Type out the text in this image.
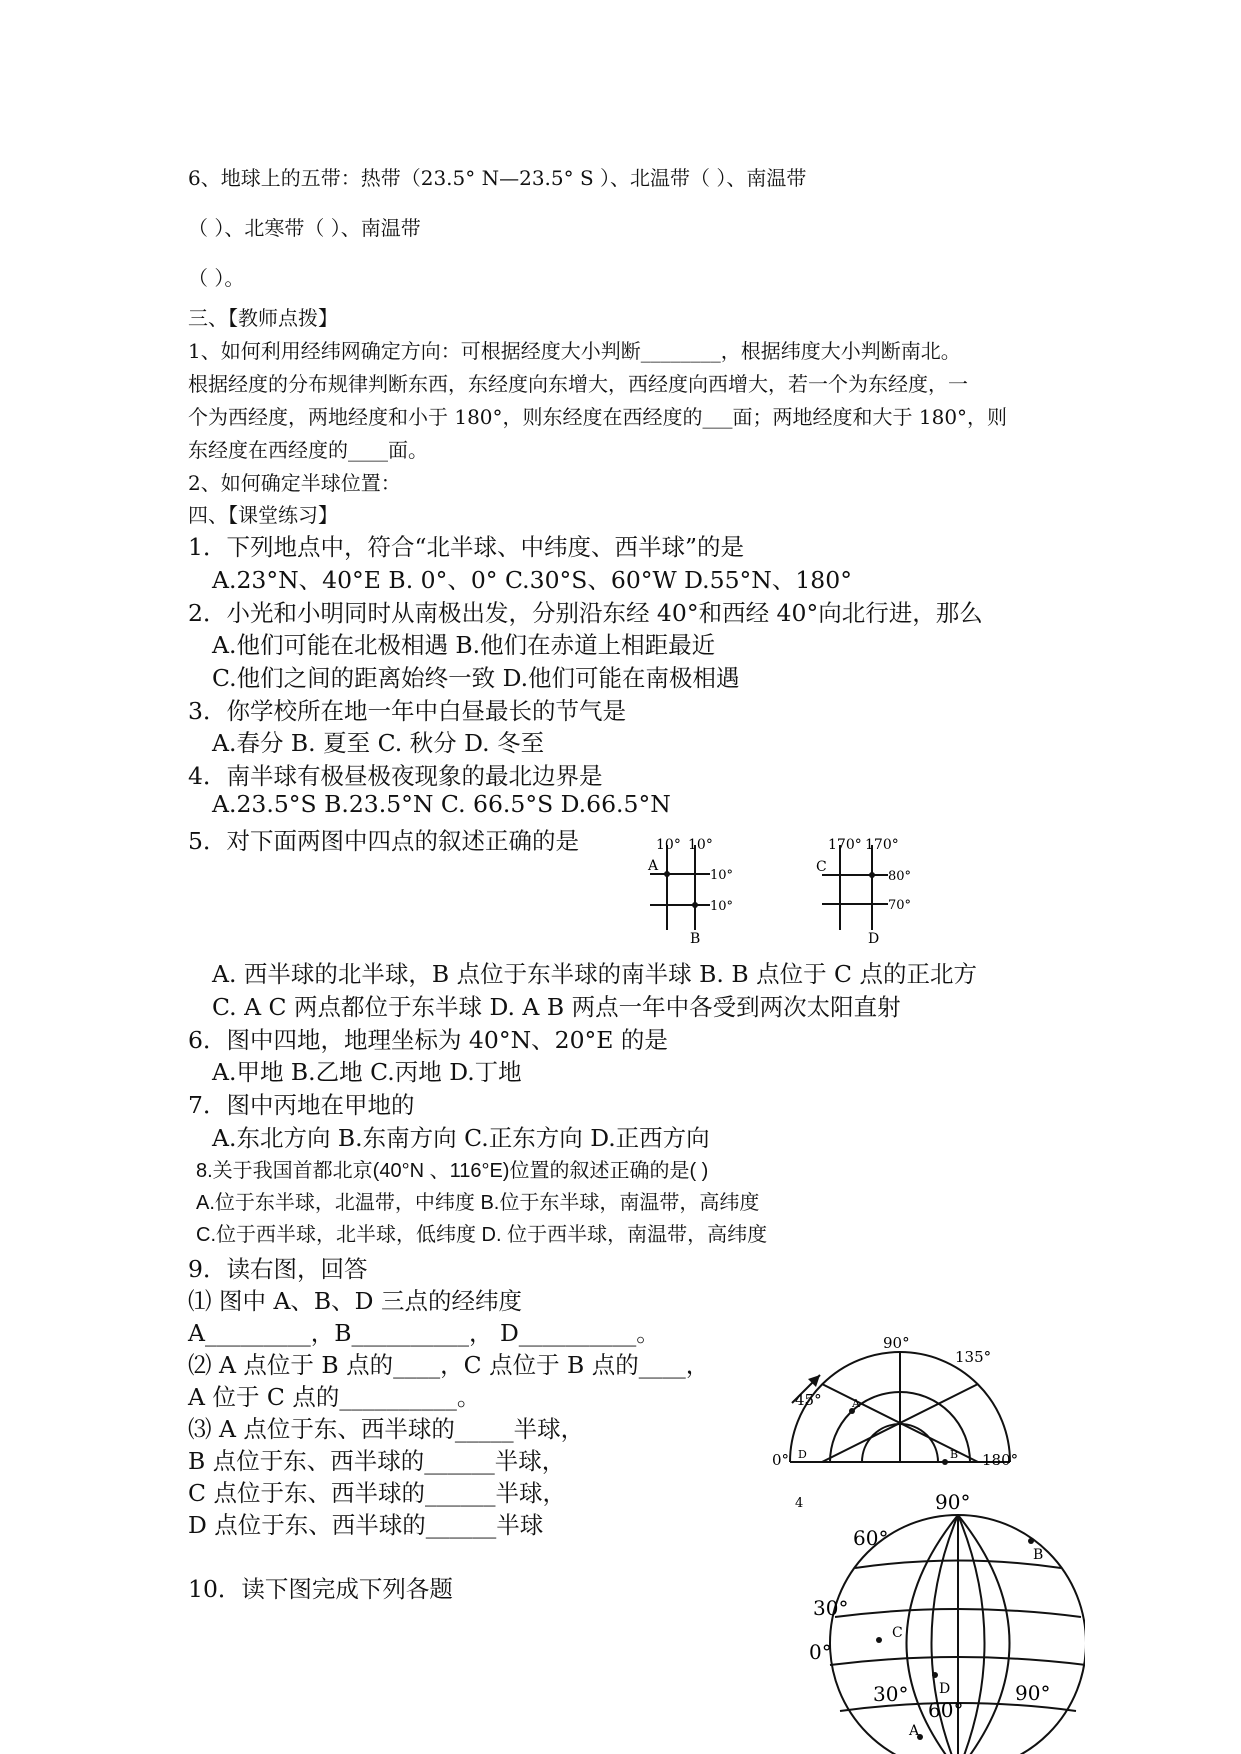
6、地球上的五带：热带（23.5° N—23.5° S ）、北温带（ ）、南温带
（ ）、北寒带（ ）、南温带
（ ）。
三、【教师点拨】
1、如何利用经纬网确定方向：可根据经度大小判断________，根据纬度大小判断南北。
根据经度的分布规律判断东西，东经度向东增大，西经度向西增大，若一个为东经度，一
个为西经度，两地经度和小于 180°，则东经度在西经度的___面；两地经度和大于 180°，则
东经度在西经度的____面。
2、如何确定半球位置：
四、【课堂练习】
1．下列地点中，符合“北半球、中纬度、西半球”的是
A.23°N、40°E B. 0°、0° C.30°S、60°W D.55°N、180°
2．小光和小明同时从南极出发，分别沿东经 40°和西经 40°向北行进，那么
A.他们可能在北极相遇 B.他们在赤道上相距最近
C.他们之间的距离始终一致 D.他们可能在南极相遇
3．你学校所在地一年中白昼最长的节气是
A.春分 B. 夏至 C. 秋分 D. 冬至
4．南半球有极昼极夜现象的最北边界是
A.23.5°S B.23.5°N C. 66.5°S D.66.5°N
5．对下面两图中四点的叙述正确的是	10° 10°
10°
10°
A
B
170° 170°
80°
70°
C
D
A. 西半球的北半球，B 点位于东半球的南半球 B. B 点位于 C 点的正北方
C. A C 两点都位于东半球 D. A B 两点一年中各受到两次太阳直射
6．图中四地，地理坐标为 40°N、20°E 的是
A.甲地 B.乙地 C.丙地 D.丁地
7．图中丙地在甲地的
A.东北方向 B.东南方向 C.正东方向 D.正西方向
8.关于我国首都北京(40°N 、116°E)位置的叙述正确的是( )
A.位于东半球，北温带，中纬度 B.位于东半球，南温带，高纬度
C.位于西半球，北半球，低纬度 D. 位于西半球，南温带，高纬度
9．读右图，回答
⑴ 图中 A、B、D 三点的经纬度
A_________，B__________， D__________。
⑵ A 点位于 B 点的____，C 点位于 B 点的____，
A 位于 C 点的__________。
⑶ A 点位于东、西半球的_____半球，
B 点位于东、西半球的______半球，
C 点位于东、西半球的______半球，
D 点位于东、西半球的______半球
10．读下图完成下列各题
90°
135°
45°
0°	180°
A
B
D
90°
4
60°
30°
0°
30°
60°
90°
B
C
D
A
